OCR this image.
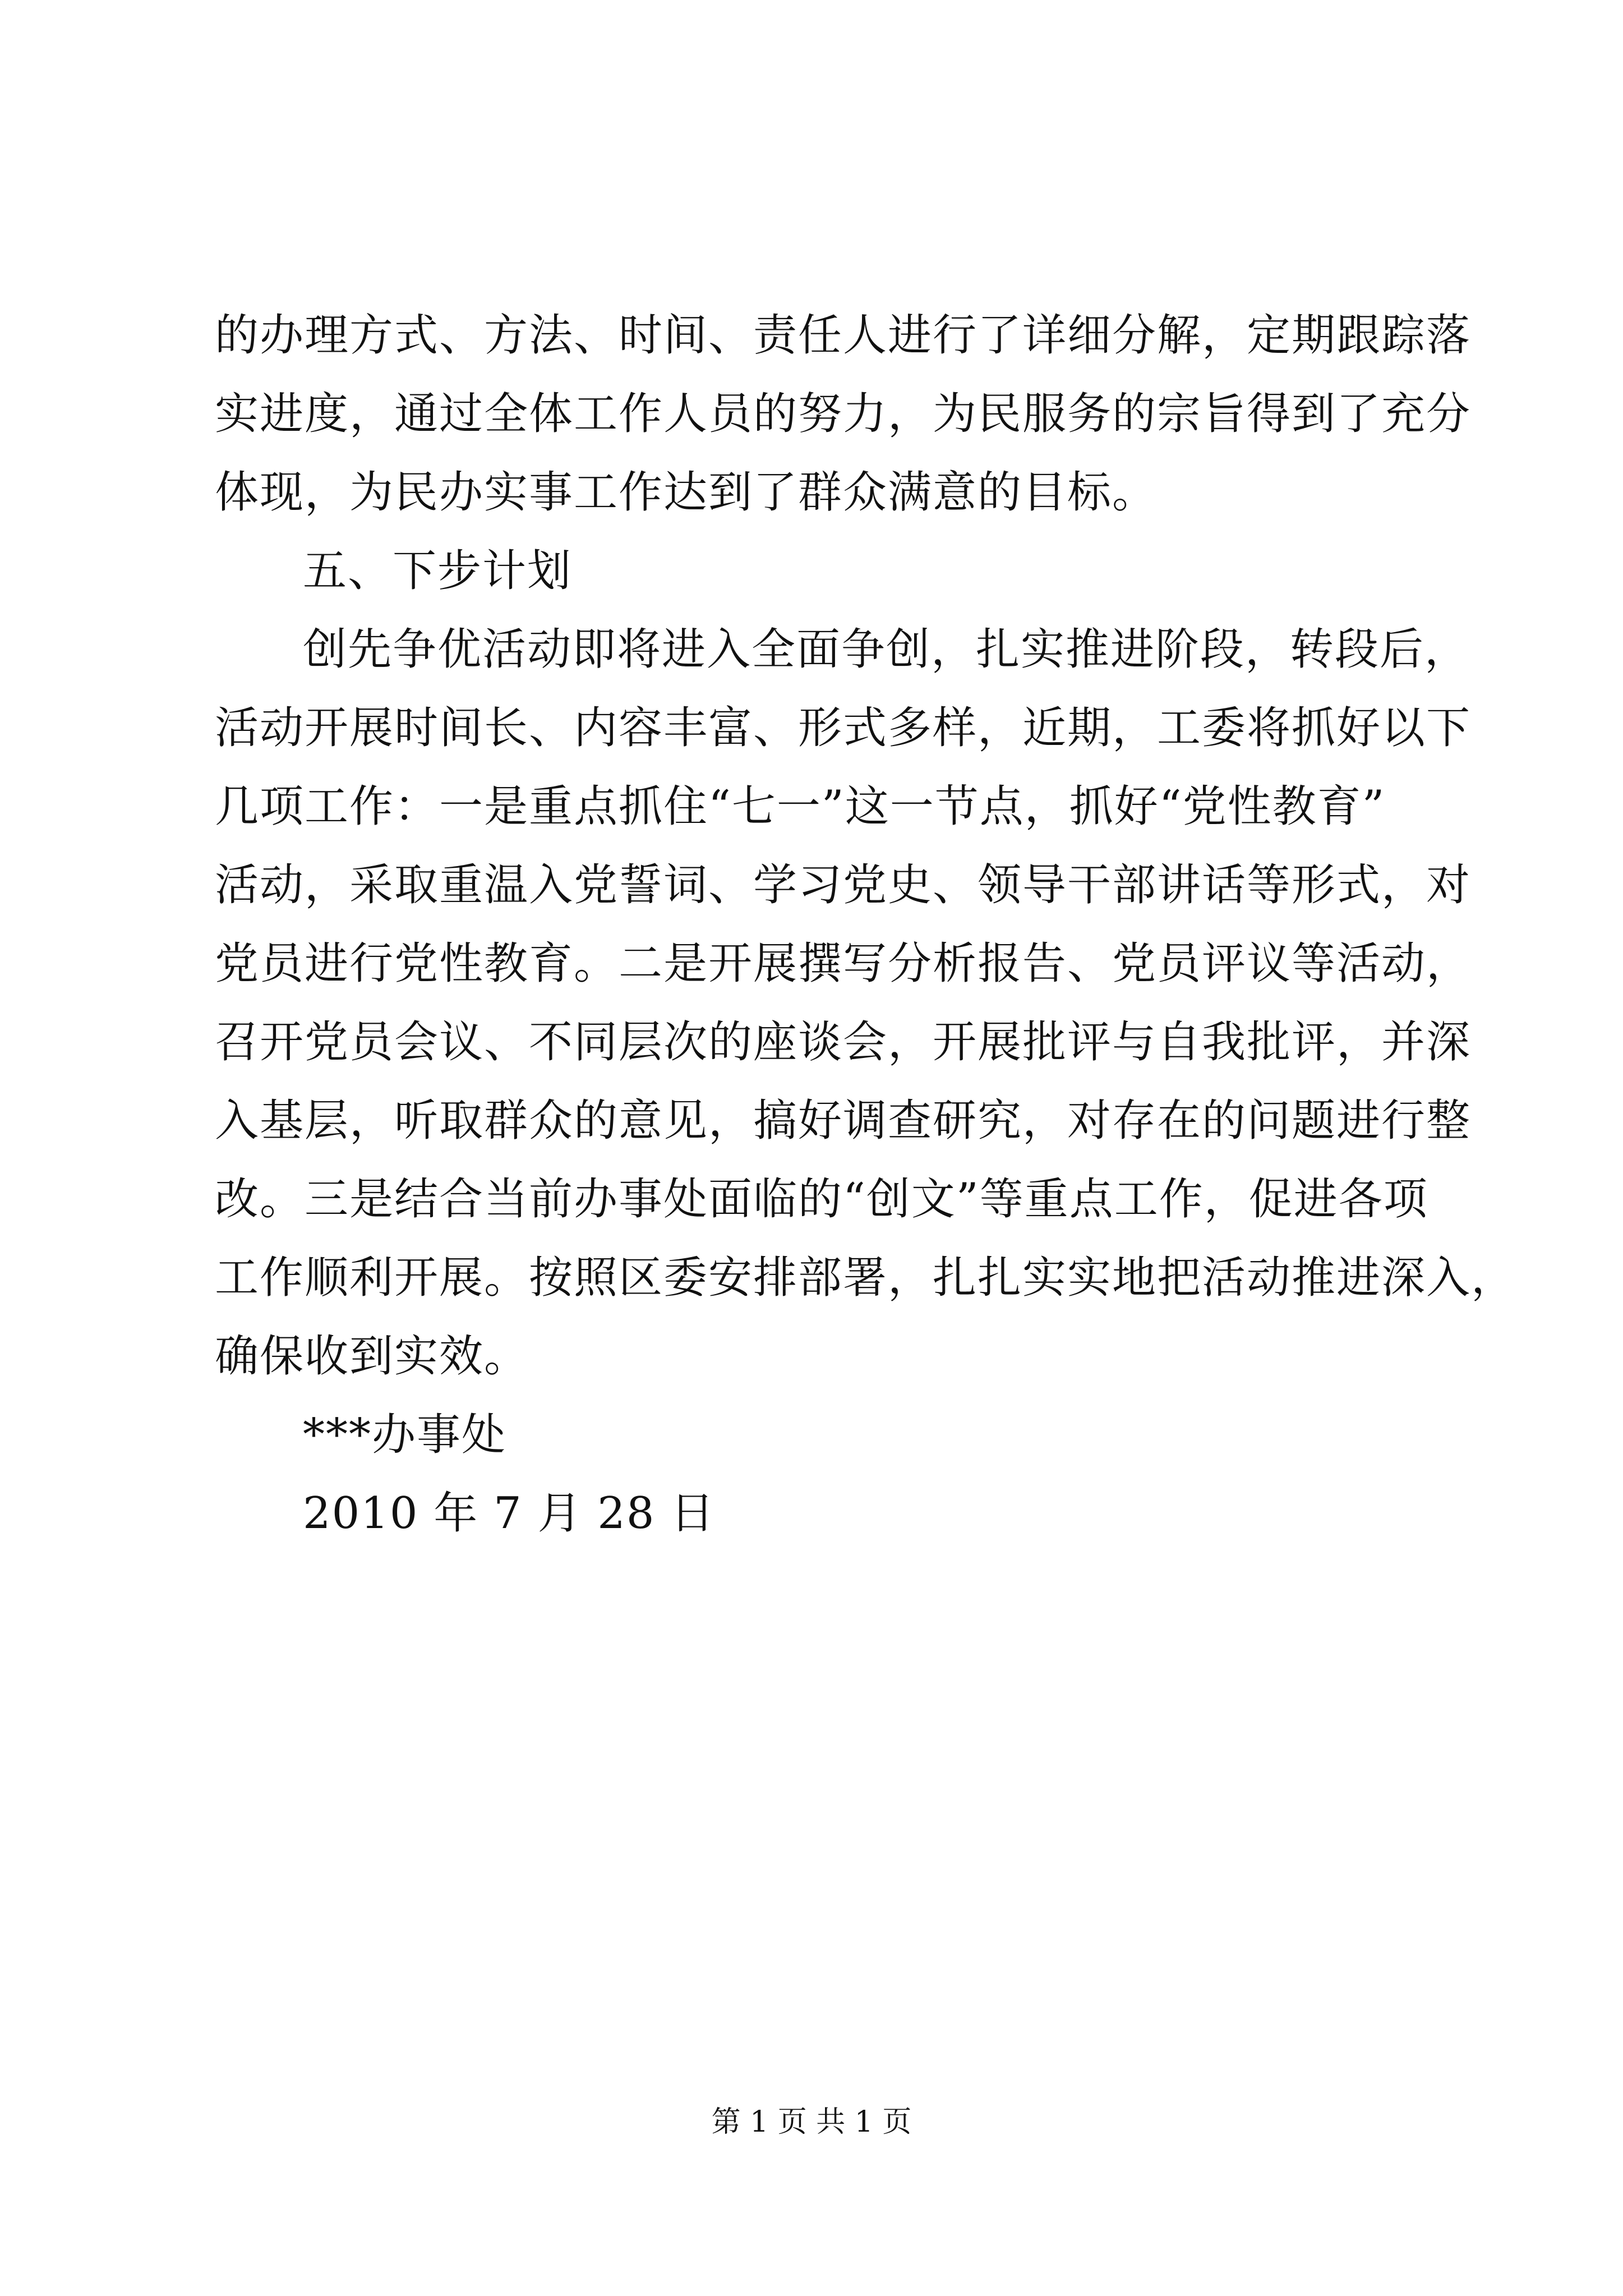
的办理方式、方法、时间、责任人进行了详细分解，定期跟踪落
实进度，通过全体工作人员的努力，为民服务的宗旨得到了充分
体现，为民办实事工作达到了群众满意的目标。
五、下步计划
创先争优活动即将进入全面争创，扎实推进阶段，转段后，
活动开展时间长、内容丰富、形式多样，近期，工委将抓好以下
几项工作：一是重点抓住“七一”这一节点，抓好“党性教育”
活动，采取重温入党誓词、学习党史、领导干部讲话等形式，对
党员进行党性教育。二是开展撰写分析报告、党员评议等活动，
召开党员会议、不同层次的座谈会，开展批评与自我批评，并深
入基层，听取群众的意见，搞好调查研究，对存在的问题进行整
改。三是结合当前办事处面临的“创文”等重点工作，促进各项
工作顺利开展。按照区委安排部署，扎扎实实地把活动推进深入，
确保收到实效。
***办事处
2010 年 7 月 28 日
第 1 页 共 1 页
